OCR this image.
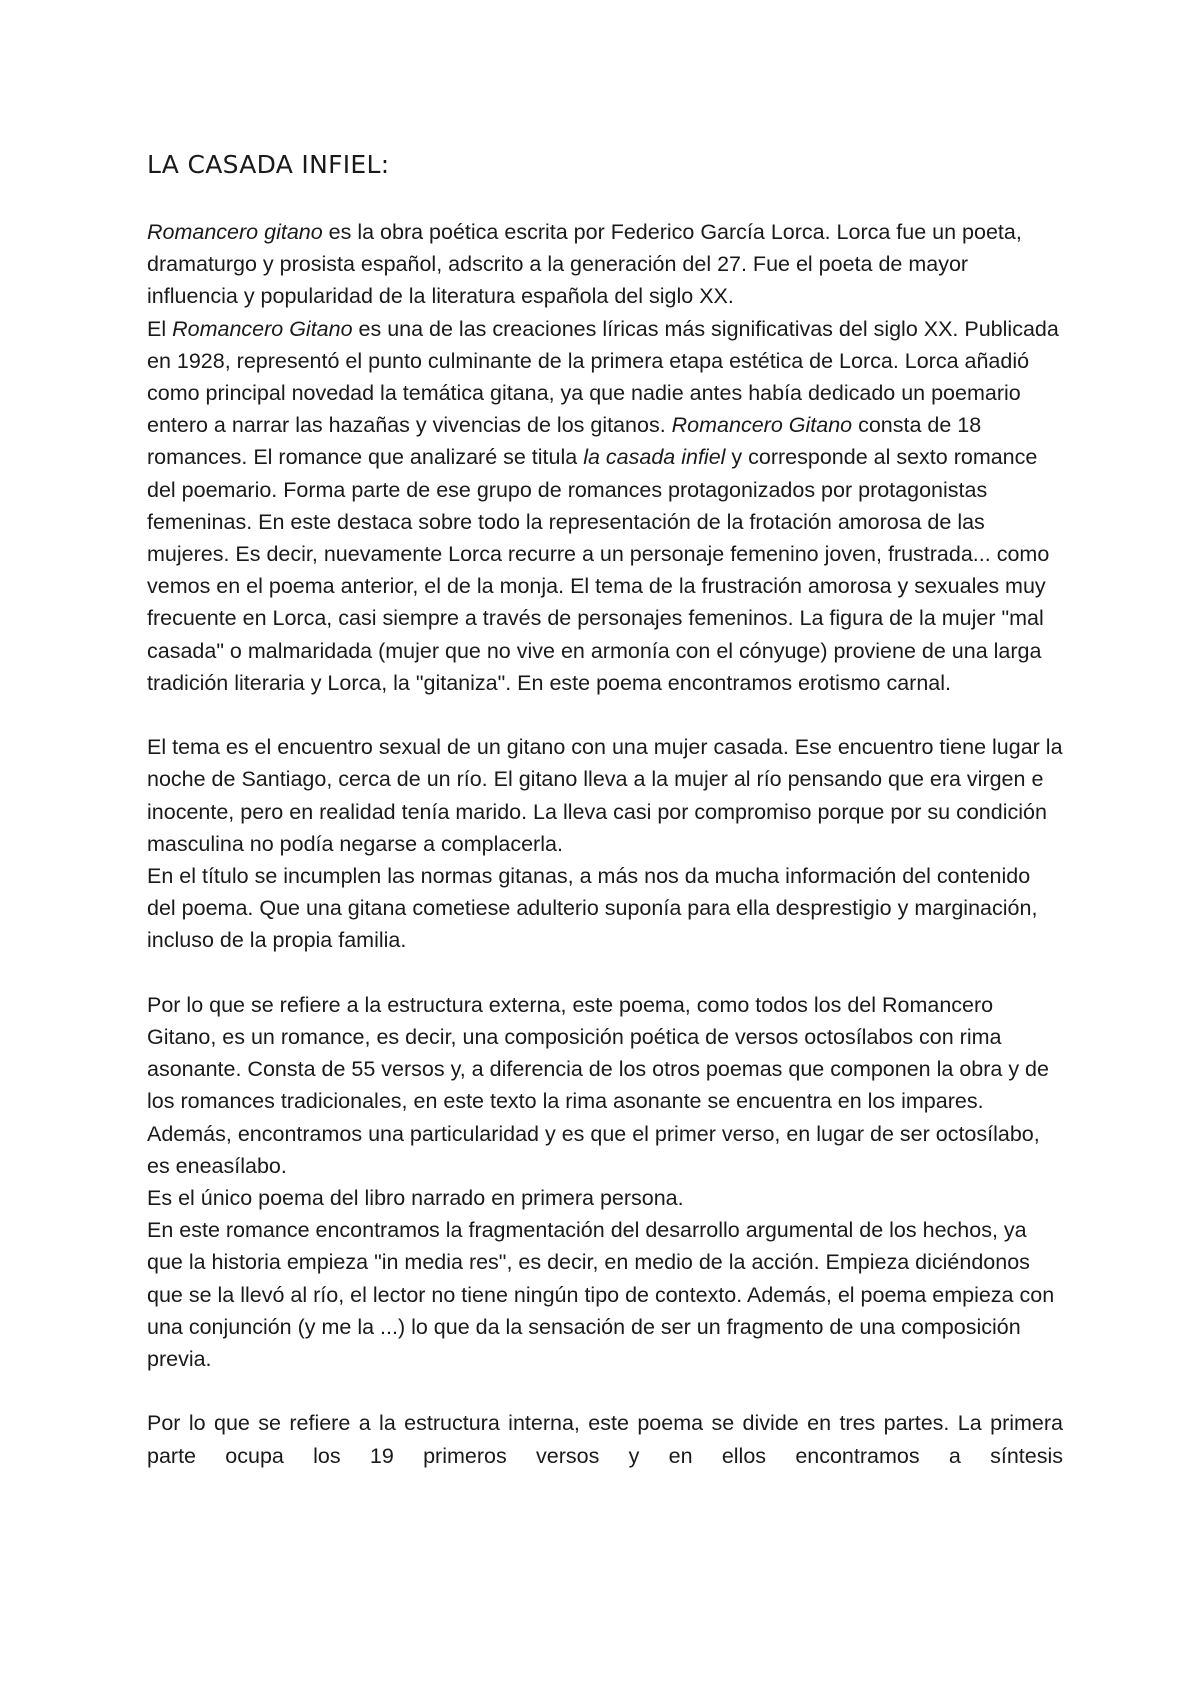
LA CASADA INFIEL:

Romancero gitano es la obra poética escrita por Federico García Lorca. Lorca fue un poeta, dramaturgo y prosista español, adscrito a la generación del 27. Fue el poeta de mayor influencia y popularidad de la literatura española del siglo XX.

El Romancero Gitano es una de las creaciones líricas más significativas del siglo XX. Publicada en 1928, representó el punto culminante de la primera etapa estética de Lorca. Lorca añadió como principal novedad la temática gitana, ya que nadie antes había dedicado un poemario entero a narrar las hazañas y vivencias de los gitanos. Romancero Gitano consta de 18 romances. El romance que analizaré se titula la casada infiel y corresponde al sexto romance del poemario. Forma parte de ese grupo de romances protagonizados por protagonistas femeninas. En este destaca sobre todo la representación de la frotación amorosa de las mujeres. Es decir, nuevamente Lorca recurre a un personaje femenino joven, frustrada... como vemos en el poema anterior, el de la monja. El tema de la frustración amorosa y sexuales muy frecuente en Lorca, casi siempre a través de personajes femeninos. La figura de la mujer "mal casada" o malmaridada (mujer que no vive en armonía con el cónyuge) proviene de una larga tradición literaria y Lorca, la "gitaniza". En este poema encontramos erotismo carnal.

El tema es el encuentro sexual de un gitano con una mujer casada. Ese encuentro tiene lugar la noche de Santiago, cerca de un río. El gitano lleva a la mujer al río pensando que era virgen e inocente, pero en realidad tenía marido. La lleva casi por compromiso porque por su condición masculina no podía negarse a complacerla.

En el título se incumplen las normas gitanas, a más nos da mucha información del contenido del poema. Que una gitana cometiese adulterio suponía para ella desprestigio y marginación, incluso de la propia familia.

Por lo que se refiere a la estructura externa, este poema, como todos los del Romancero Gitano, es un romance, es decir, una composición poética de versos octosílabos con rima asonante. Consta de 55 versos y, a diferencia de los otros poemas que componen la obra y de los romances tradicionales, en este texto la rima asonante se encuentra en los impares. Además, encontramos una particularidad y es que el primer verso, en lugar de ser octosílabo, es eneasílabo.

Es el único poema del libro narrado en primera persona.

En este romance encontramos la fragmentación del desarrollo argumental de los hechos, ya que la historia empieza "in media res", es decir, en medio de la acción. Empieza diciéndonos que se la llevó al río, el lector no tiene ningún tipo de contexto. Además, el poema empieza con una conjunción (y me la ...) lo que da la sensación de ser un fragmento de una composición previa.

Por lo que se refiere a la estructura interna, este poema se divide en tres partes. La primera parte ocupa los 19 primeros versos y en ellos encontramos a síntesis
